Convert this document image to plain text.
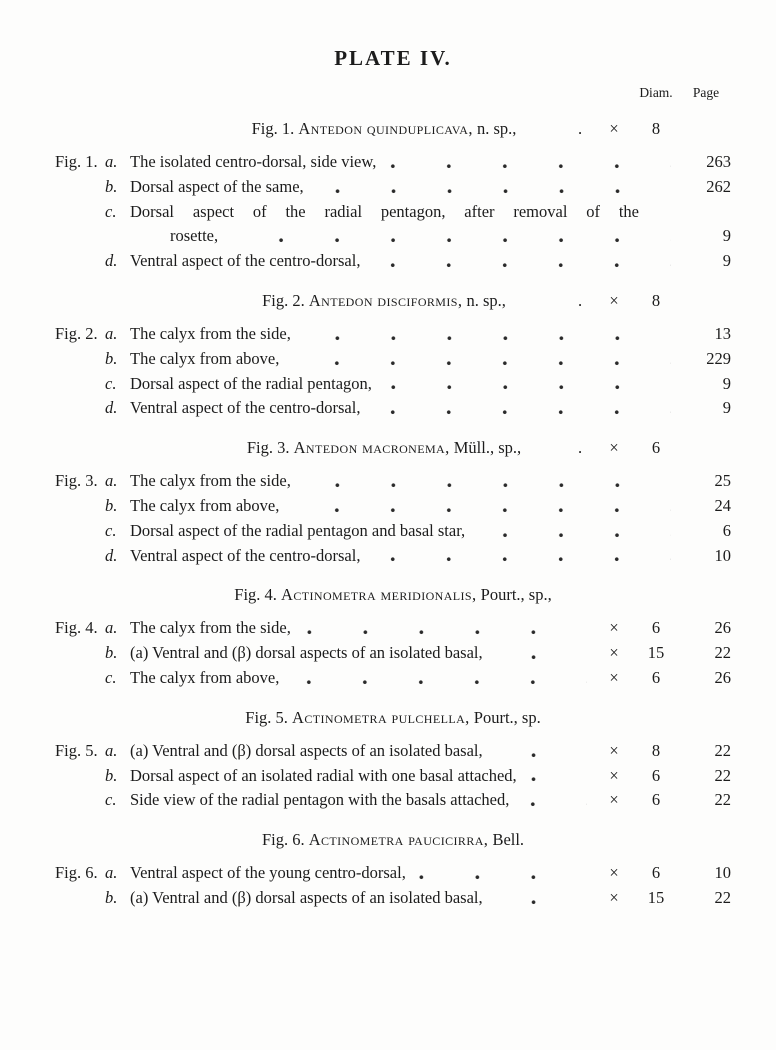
PLATE IV.
Diam.	Page
Fig. 1. Antedon quinduplicava, n. sp.,	.	×	8
Fig. 1. a. The isolated centro-dorsal, side view,	263
b. Dorsal aspect of the same,	262
c. Dorsal aspect of the radial pentagon, after removal of the
rosette,	9
d. Ventral aspect of the centro-dorsal,	9
Fig. 2. Antedon disciformis, n. sp.,	.	×	8
Fig. 2. a. The calyx from the side,	13
b. The calyx from above,	229
c. Dorsal aspect of the radial pentagon,	9
d. Ventral aspect of the centro-dorsal,	9
Fig. 3. Antedon macronema, Müll., sp.,	.	×	6
Fig. 3. a. The calyx from the side,	25
b. The calyx from above,	24
c. Dorsal aspect of the radial pentagon and basal star,	6
d. Ventral aspect of the centro-dorsal,	10
Fig. 4. Actinometra meridionalis, Pourt., sp.,
Fig. 4. a. The calyx from the side,	×	6	26
b. (a) Ventral and (β) dorsal aspects of an isolated basal,	×	15	22
c. The calyx from above,	×	6	26
Fig. 5. Actinometra pulchella, Pourt., sp.
Fig. 5. a. (a) Ventral and (β) dorsal aspects of an isolated basal,	×	8	22
b. Dorsal aspect of an isolated radial with one basal attached,	×	6	22
c. Side view of the radial pentagon with the basals attached,	×	6	22
Fig. 6. Actinometra paucicirra, Bell.
Fig. 6. a. Ventral aspect of the young centro-dorsal,	×	6	10
b. (a) Ventral and (β) dorsal aspects of an isolated basal,	×	15	22
